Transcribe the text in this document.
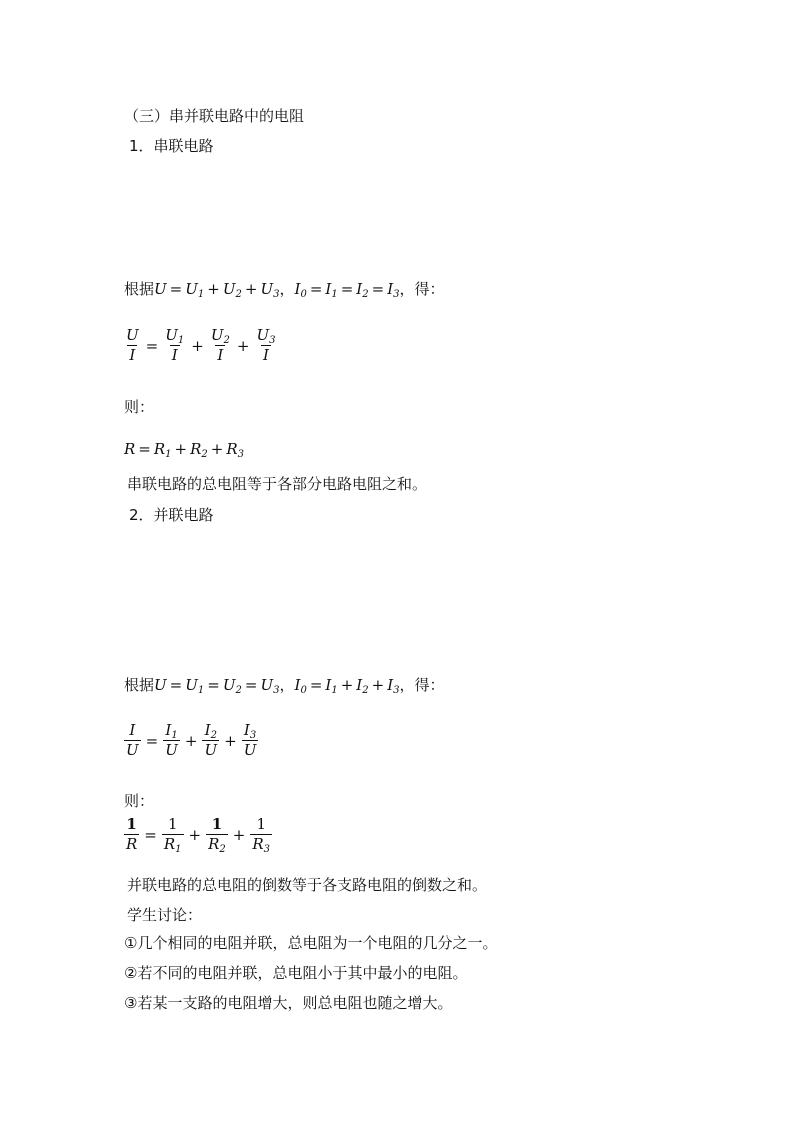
（三）串并联电路中的电阻
1．串联电路
根据 $U = U_1 + U_2 + U_3$ ， $I_0 = I_1 = I_2 = I_3$ ，得：
$\frac{U}{I} = \frac{U_1}{I} + \frac{U_2}{I} + \frac{U_3}{I}$
则：
$R = R_1 + R_2 + R_3$
串联电路的总电阻等于各部分电路电阻之和。
2．并联电路
根据 $U = U_1 = U_2 = U_3$ ， $I_0 = I_1 + I_2 + I_3$ ，得：
$\frac{I}{U} = \frac{I_1}{U} + \frac{I_2}{U} + \frac{I_3}{U}$
则：
$\frac{1}{R} = \frac{1}{R_1} + \frac{1}{R_2} + \frac{1}{R_3}$
并联电路的总电阻的倒数等于各支路电阻的倒数之和。
学生讨论：
①几个相同的电阻并联，总电阻为一个电阻的几分之一。
②若不同的电阻并联，总电阻小于其中最小的电阻。
③若某一支路的电阻增大，则总电阻也随之增大。
